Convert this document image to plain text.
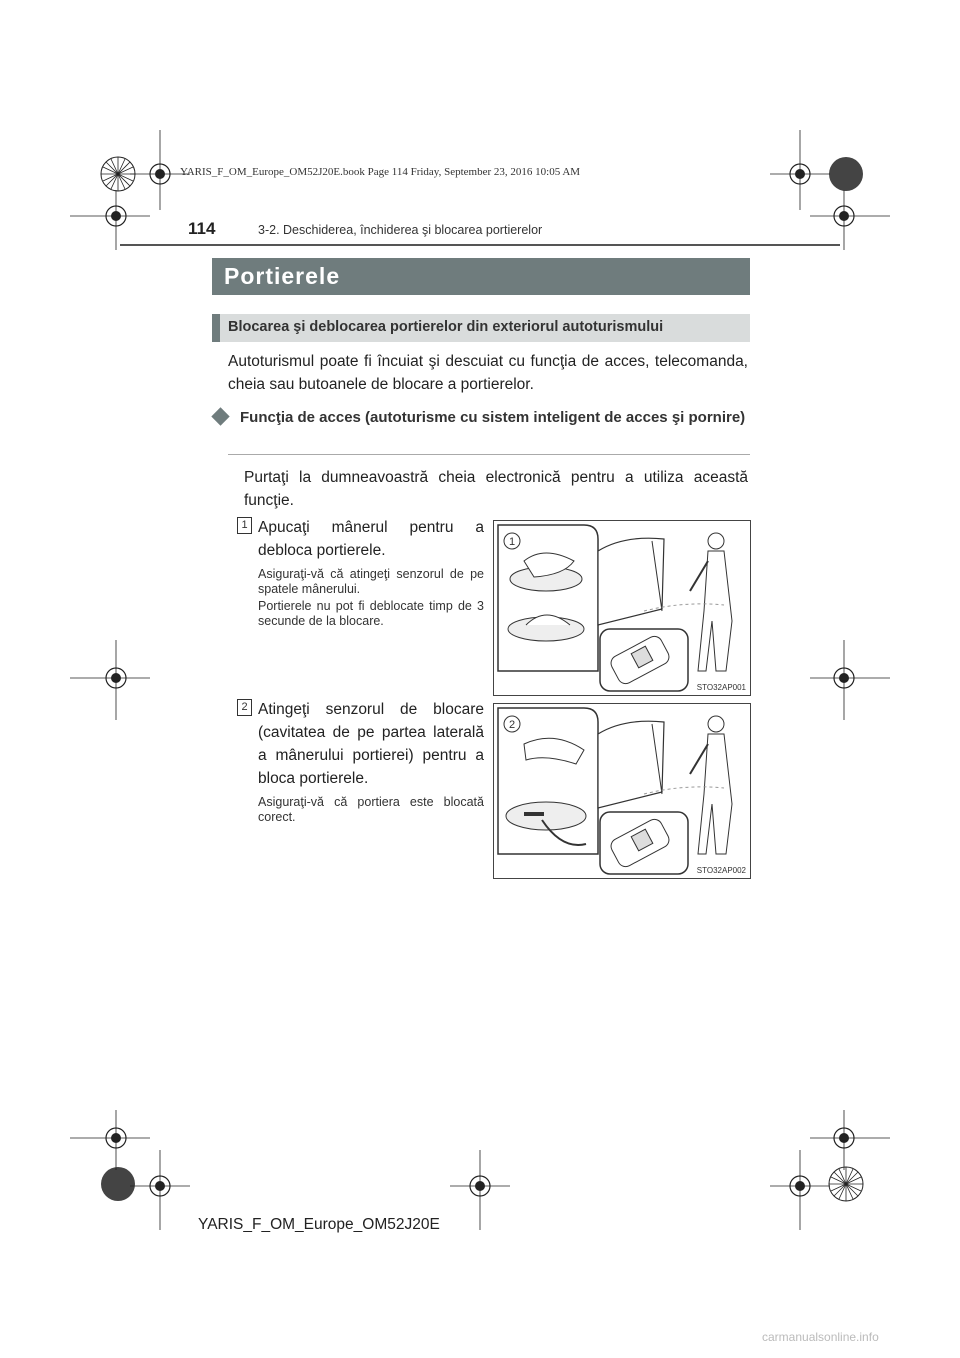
YARIS_F_OM_Europe_OM52J20E.book Page 114 Friday, September 23, 2016 10:05 AM
114	3-2. Deschiderea, închiderea şi blocarea portierelor
Portierele
Blocarea şi deblocarea portierelor din exteriorul autoturismului
Autoturismul poate fi încuiat şi descuiat cu funcţia de acces, telecomanda, cheia sau butoanele de blocare a portierelor.
Funcţia de acces (autoturisme cu sistem inteligent de acces şi pornire)
Purtaţi la dumneavoastră cheia electronică pentru a utiliza această funcţie.
1 Apucaţi mânerul pentru a debloca portierele.
Asiguraţi-vă că atingeţi senzorul de pe spatele mânerului.
Portierele nu pot fi deblocate timp de 3 secunde de la blocare.
1
STO32AP001
2 Atingeţi senzorul de blocare (cavitatea de pe partea laterală a mânerului portierei) pentru a bloca portierele.
Asiguraţi-vă că portiera este blocată corect.
2
STO32AP002
YARIS_F_OM_Europe_OM52J20E
carmanualsonline.info
